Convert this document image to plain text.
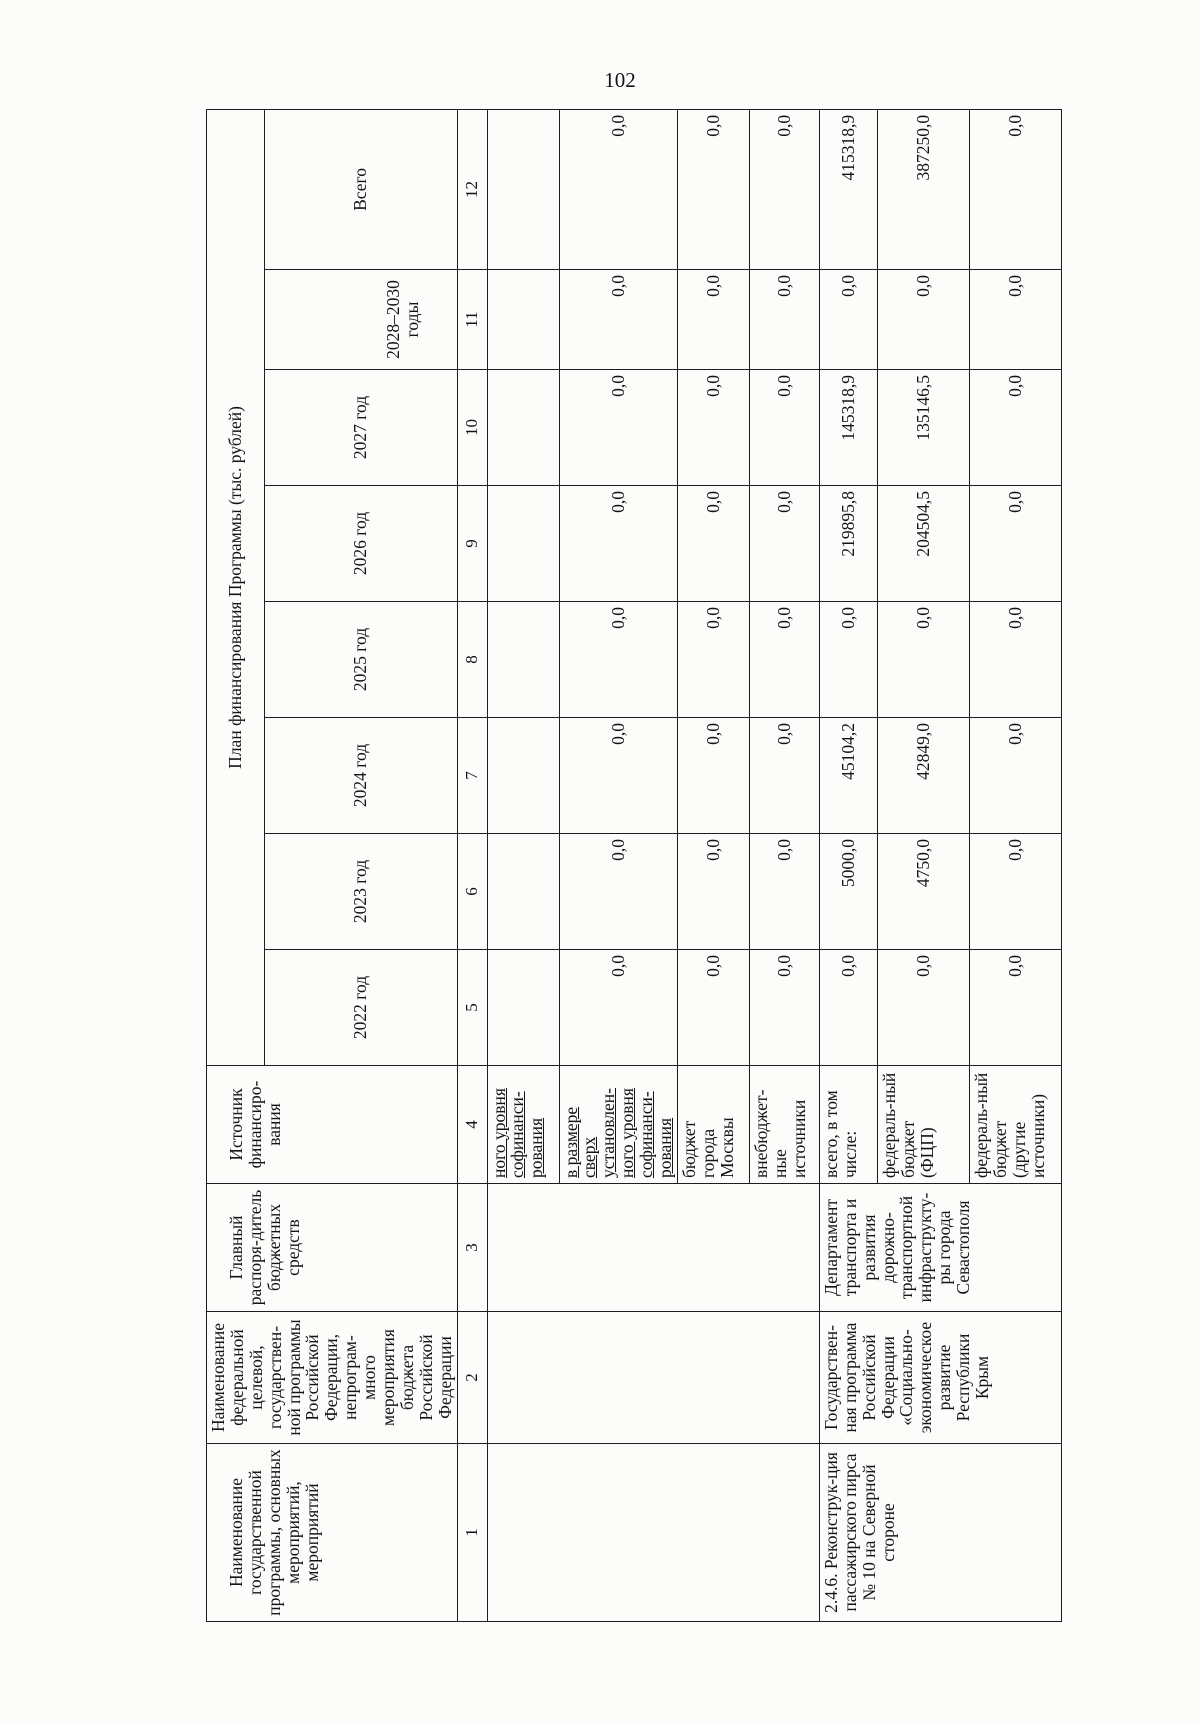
102
Наименование государственной программы, основных мероприятий, мероприятий	Наименование федеральной целевой, государствен-ной программы Российской Федерации, непрограм-много мероприятия бюджета Российской Федерации	Главный распоря-дитель бюджетных средств	Источник финансиро-вания	План финансирования Программы (тыс. рублей)							
				2022 год	2023 год	2024 год	2025 год	2026 год	2027 год		Всего
										2028–2030 годы	
1	2	3	4	5	6	7	8	9	10	11	12
			ного уровня софинанси-рования								
			в размере сверх установлен-ного уровня софинанси-рования	0,0	0,0	0,0	0,0	0,0	0,0	0,0	0,0
			бюджет города Москвы	0,0	0,0	0,0	0,0	0,0	0,0	0,0	0,0
			внебюджет-ные источники	0,0	0,0	0,0	0,0	0,0	0,0	0,0	0,0
2.4.6. Реконструк-ция пассажирского пирса № 10 на Северной стороне	Государствен-ная программа Российской Федерации «Социально-экономическое развитие Республики Крым	Департамент транспорта и развития дорожно-транспортной инфраструкту-ры города Севастополя	всего, в том числе:	0,0	5000,0	45104,2	0,0	219895,8	145318,9	0,0	415318,9
			федераль-ный бюджет (ФЦП)	0,0	4750,0	42849,0	0,0	204504,5	135146,5	0,0	387250,0
			федераль-ный бюджет (другие источники)	0,0	0,0	0,0	0,0	0,0	0,0	0,0	0,0
